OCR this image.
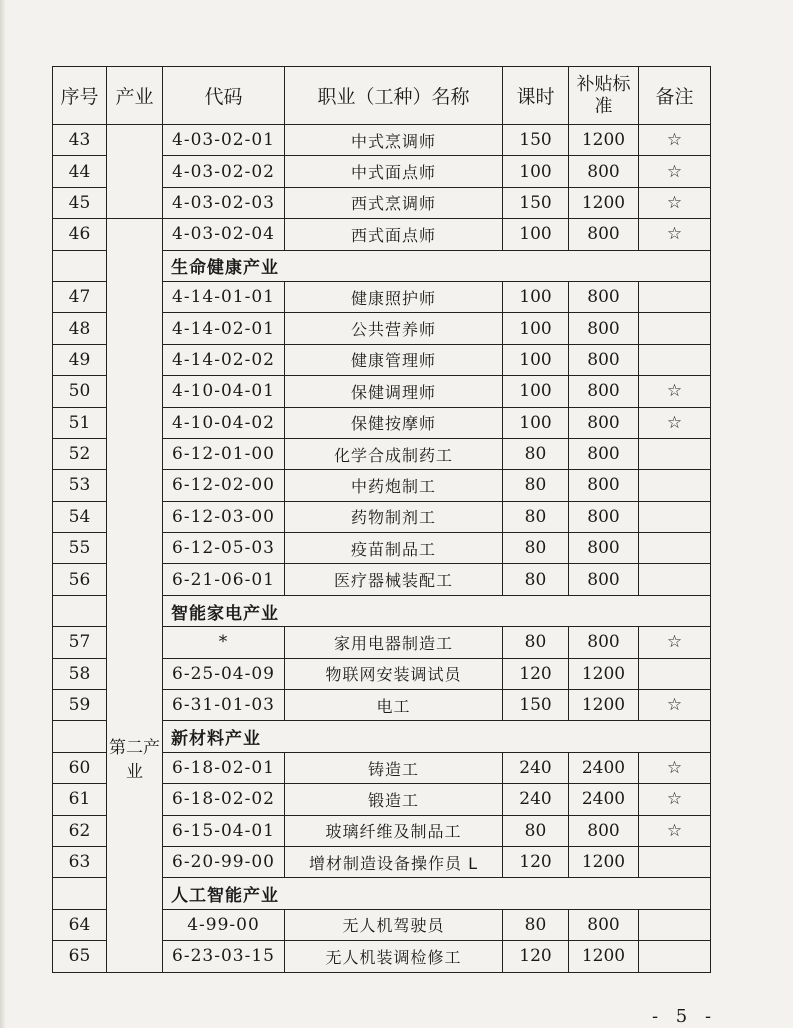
序号	产业	代码	职业（工种）名称	课时	补贴标准	备注
43		4-03-02-01	中式烹调师	150	1200	☆
44		4-03-02-02	中式面点师	100	800	☆
45		4-03-02-03	西式烹调师	150	1200	☆
46	第二产业	4-03-02-04	西式面点师	100	800	☆
		生命健康产业				
47		4-14-01-01	健康照护师	100	800	
48		4-14-02-01	公共营养师	100	800	
49		4-14-02-02	健康管理师	100	800	
50		4-10-04-01	保健调理师	100	800	☆
51		4-10-04-02	保健按摩师	100	800	☆
52		6-12-01-00	化学合成制药工	80	800	
53		6-12-02-00	中药炮制工	80	800	
54		6-12-03-00	药物制剂工	80	800	
55		6-12-05-03	疫苗制品工	80	800	
56		6-21-06-01	医疗器械装配工	80	800	
		智能家电产业				
57		*	家用电器制造工	80	800	☆
58		6-25-04-09	物联网安装调试员	120	1200	
59		6-31-01-03	电工	150	1200	☆
		新材料产业				
60		6-18-02-01	铸造工	240	2400	☆
61		6-18-02-02	锻造工	240	2400	☆
62		6-15-04-01	玻璃纤维及制品工	80	800	☆
63		6-20-99-00	增材制造设备操作员 L	120	1200	
		人工智能产业				
64		4-99-00	无人机驾驶员	80	800	
65		6-23-03-15	无人机装调检修工	120	1200	
- 5 -
